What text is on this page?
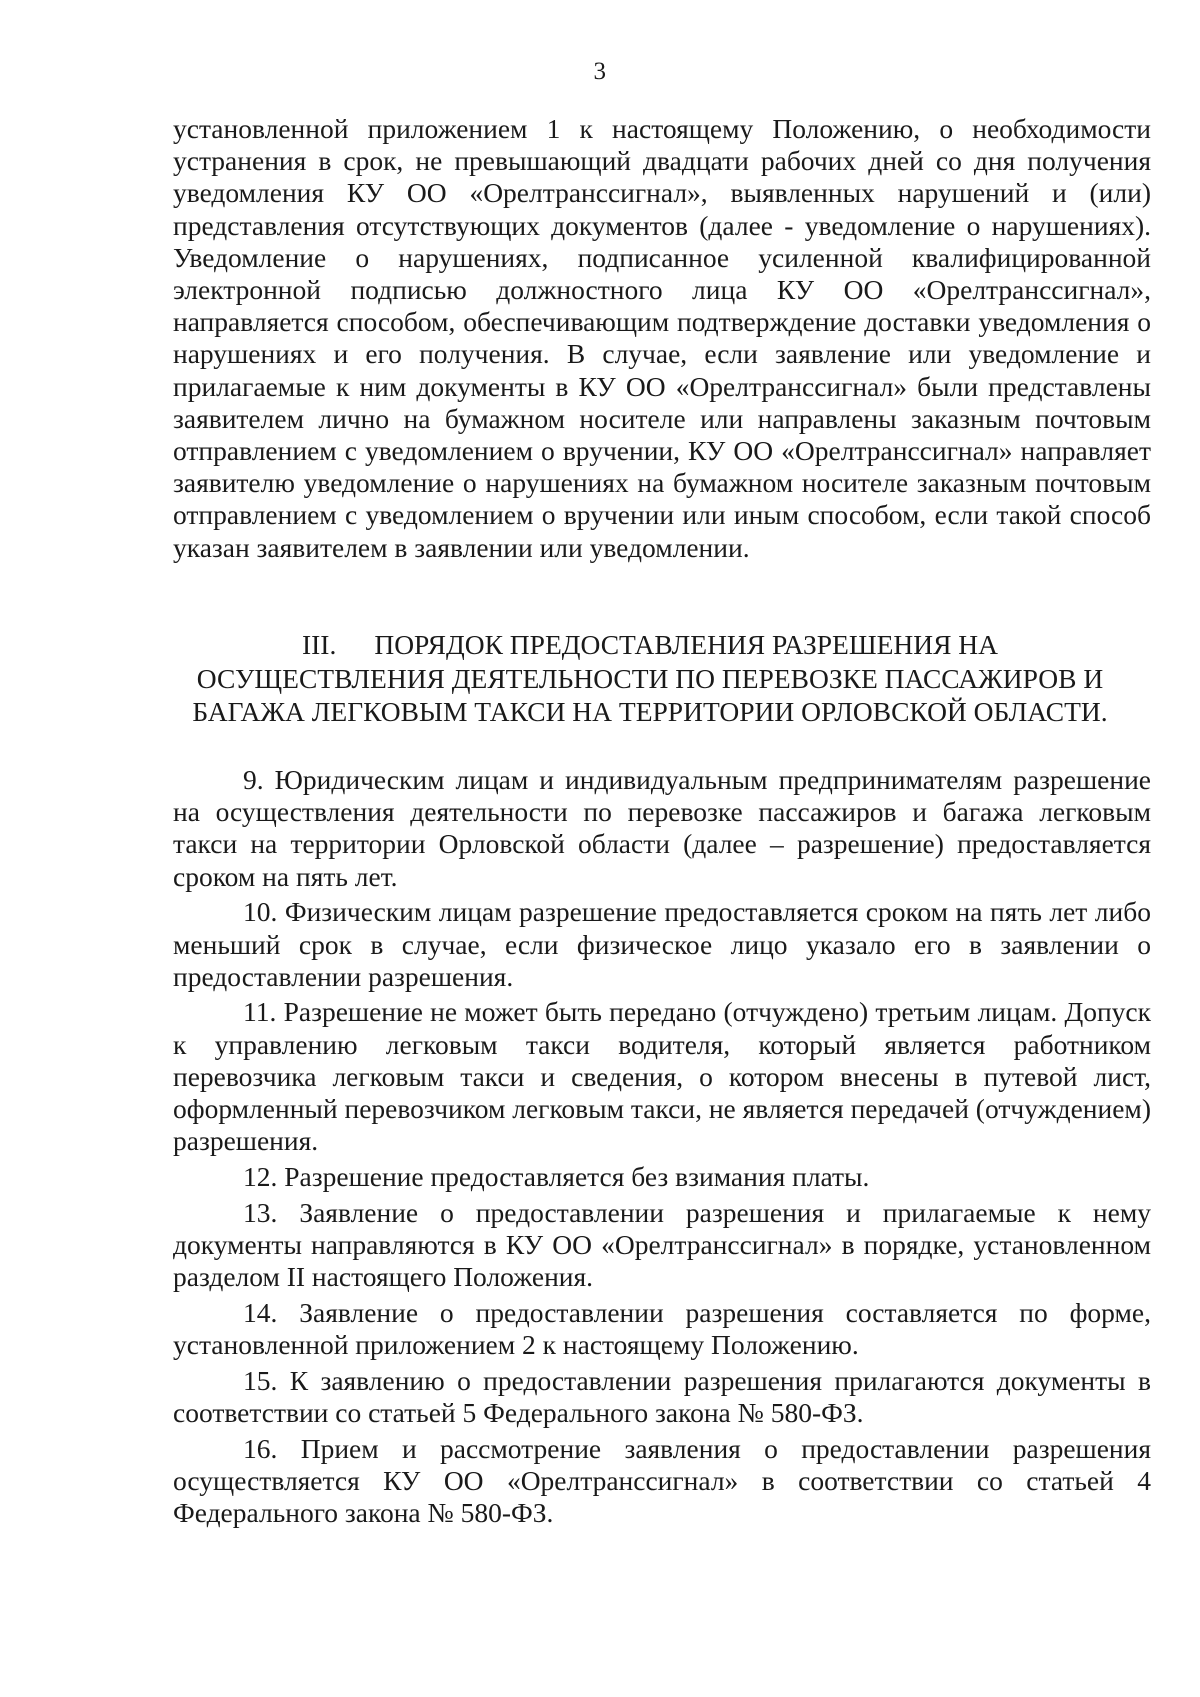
3

установленной приложением 1 к настоящему Положению, о необходимости устранения в срок, не превышающий двадцати рабочих дней со дня получения уведомления КУ ОО «Орелтранссигнал», выявленных нарушений и (или) представления отсутствующих документов (далее - уведомление о нарушениях). Уведомление о нарушениях, подписанное усиленной квалифицированной электронной подписью должностного лица КУ ОО «Орелтранссигнал», направляется способом, обеспечивающим подтверждение доставки уведомления о нарушениях и его получения. В случае, если заявление или уведомление и прилагаемые к ним документы в КУ ОО «Орелтранссигнал» были представлены заявителем лично на бумажном носителе или направлены заказным почтовым отправлением с уведомлением о вручении, КУ ОО «Орелтранссигнал» направляет заявителю уведомление о нарушениях на бумажном носителе заказным почтовым отправлением с уведомлением о вручении или иным способом, если такой способ указан заявителем в заявлении или уведомлении.

III. ПОРЯДОК ПРЕДОСТАВЛЕНИЯ РАЗРЕШЕНИЯ НА
ОСУЩЕСТВЛЕНИЯ ДЕЯТЕЛЬНОСТИ ПО ПЕРЕВОЗКЕ ПАССАЖИРОВ И
БАГАЖА ЛЕГКОВЫМ ТАКСИ НА ТЕРРИТОРИИ ОРЛОВСКОЙ ОБЛАСТИ.

9. Юридическим лицам и индивидуальным предпринимателям разрешение на осуществления деятельности по перевозке пассажиров и багажа легковым такси на территории Орловской области (далее – разрешение) предоставляется сроком на пять лет.

10. Физическим лицам разрешение предоставляется сроком на пять лет либо меньший срок в случае, если физическое лицо указало его в заявлении о предоставлении разрешения.

11. Разрешение не может быть передано (отчуждено) третьим лицам. Допуск к управлению легковым такси водителя, который является работником перевозчика легковым такси и сведения, о котором внесены в путевой лист, оформленный перевозчиком легковым такси, не является передачей (отчуждением) разрешения.

12. Разрешение предоставляется без взимания платы.

13. Заявление о предоставлении разрешения и прилагаемые к нему документы направляются в КУ ОО «Орелтранссигнал» в порядке, установленном разделом II настоящего Положения.

14. Заявление о предоставлении разрешения составляется по форме, установленной приложением 2 к настоящему Положению.

15. К заявлению о предоставлении разрешения прилагаются документы в соответствии со статьей 5 Федерального закона № 580-ФЗ.

16. Прием и рассмотрение заявления о предоставлении разрешения осуществляется КУ ОО «Орелтранссигнал» в соответствии со статьей 4 Федерального закона № 580-ФЗ.
